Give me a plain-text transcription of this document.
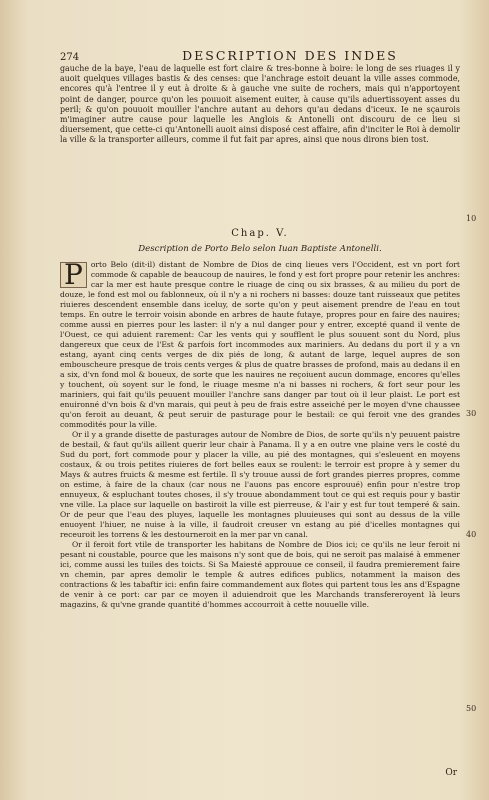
274	DESCRIPTION DES INDES

gauche de la baye, l'eau de laquelle est fort claire & tres-bonne à boire: le long de ses riuages il y auoit quelques villages bastis & des censes: que l'anchrage estoit deuant la ville asses commode, encores qu'à l'entree il y eut à droite & à gauche vne suite de rochers, mais qui n'apportoyent point de danger, pource qu'on les pouuoit aisement euiter, à cause qu'ils aduertissoyent asses du peril; & qu'on pouuoit mouiller l'anchre autant au dehors qu'au dedans d'iceux. Ie ne sçaurois m'imaginer autre cause pour laquelle les Anglois & Antonelli ont discouru de ce lieu si diuersement, que cette-ci qu'Antonelli auoit ainsi disposé cest affaire, afin d'inciter le Roi à demolir la ville & la transporter ailleurs, comme il fut fait par apres, ainsi que nous dirons bien tost.

10
Chap. V.
Description de Porto Belo selon Iuan Baptiste Antonelli.

P	orto Belo (dit-il) distant de Nombre de Dios de cinq lieues vers l'Occident, est vn port fort commode & capable de beaucoup de nauires, le fond y est fort propre pour retenir les anchres: car la mer est haute presque contre le riuage de cinq ou six brasses, & au milieu du port de douze, le fond est mol ou fablonneux, où il n'y a ni rochers ni basses: douze tant ruisseaux que petites riuieres descendent ensemble dans iceluy, de sorte qu'on y peut aisement prendre de l'eau en tout temps. En outre le terroir voisin abonde en arbres de haute futaye, propres pour en faire des nauires; comme aussi en pierres pour les laster: il n'y a nul danger pour y entrer, excepté quand il vente de l'Ouest, ce qui aduient rarement: Car les vents qui y soufflent le plus souuent sont du Nord, plus dangereux que ceux de l'Est & parfois fort incommodes aux mariniers. Au dedans du port il y a vn estang, ayant cinq cents verges de dix piés de long, & autant de large, lequel aupres de son embouscheure presque de trois cents verges & plus de quatre brasses de profond, mais au dedans il en a six, d'vn fond mol & boueux, de sorte que les nauires ne reçoiuent aucun dommage, encores qu'elles y touchent, où soyent sur le fond, le riuage mesme n'a ni basses ni rochers, & fort seur pour les mariniers, qui fait qu'ils peuuent mouiller l'anchre sans danger par tout où il leur plaist. Le port est enuironné d'vn bois & d'vn marais, qui peut à peu de frais estre asseiché per le moyen d'vne chaussee qu'on feroit au deuant, & peut seruir de pasturage pour le bestail: ce qui feroit vne des grandes commodités pour la ville.

Or il y a grande disette de pasturages autour de Nombre de Dios, de sorte qu'ils n'y peuuent paistre de bestail, & faut qu'ils aillent querir leur chair à Panama. Il y a en outre vne plaine vers le costé du Sud du port, fort commode pour y placer la ville, au pié des montagnes, qui s'esleuent en moyens costaux, & ou trois petites riuieres de fort belles eaux se roulent: le terroir est propre à y semer du Mays & autres fruicts & mesme est fertile. Il s'y trouue aussi de fort grandes pierres propres, comme on estime, à faire de la chaux (car nous ne l'auons pas encore esprouué) enfin pour n'estre trop ennuyeux, & espluchant toutes choses, il s'y trouue abondamment tout ce qui est requis pour y bastir vne ville. La place sur laquelle on bastiroit la ville est pierreuse, & l'air y est fur tout temperé & sain. Or de peur que l'eau des pluyes, laquelle les montagnes pluuieuses qui sont au dessus de la ville enuoyent l'hiuer, ne nuise à la ville, il faudroit creuser vn estang au pié d'icelles montagnes qui receuroit les torrens & les destourneroit en la mer par vn canal.

Or il feroit fort vtile de transporter les habitans de Nombre de Dios ici; ce qu'ils ne leur feroit ni pesant ni coustable, pource que les maisons n'y sont que de bois, qui ne seroit pas malaisé à emmener ici, comme aussi les tuiles des toicts. Si Sa Maiesté approuue ce conseil, il faudra premierement faire vn chemin, par apres demolir le temple & autres edifices publics, notamment la maison des contractions & les tabaftir ici: enfin faire commandement aux flotes qui partent tous les ans d'Espagne de venir à ce port: car par ce moyen il aduiendroit que les Marchands transfereroyent là leurs magazins, & qu'vne grande quantité d'hommes accourroit à cette nouuelle ville.

30
40
50
Or
